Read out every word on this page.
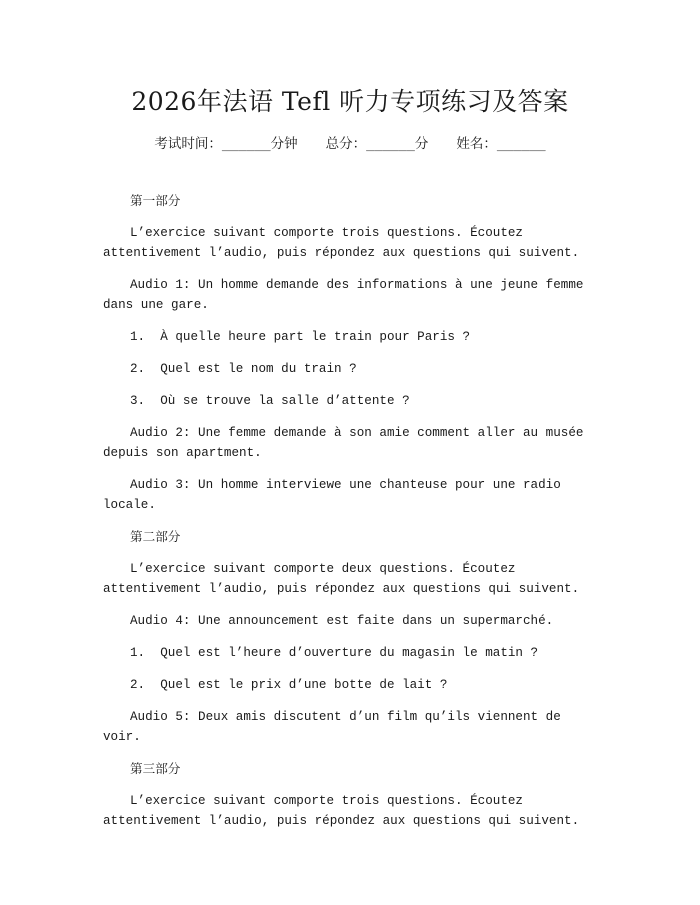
2026年法语 Tefl 听力专项练习及答案
考试时间：______分钟 总分：______分 姓名：______
第一部分
L’exercice suivant comporte trois questions. Écoutez attentivement l’audio, puis répondez aux questions qui suivent.
Audio 1: Un homme demande des informations à une jeune femme dans une gare.
1.  À quelle heure part le train pour Paris ?
2.  Quel est le nom du train ?
3.  Où se trouve la salle d’attente ?
Audio 2: Une femme demande à son amie comment aller au musée depuis son apartment.
Audio 3: Un homme interviewe une chanteuse pour une radio locale.
第二部分
L’exercice suivant comporte deux questions. Écoutez attentivement l’audio, puis répondez aux questions qui suivent.
Audio 4: Une announcement est faite dans un supermarché.
1.  Quel est l’heure d’ouverture du magasin le matin ?
2.  Quel est le prix d’une botte de lait ?
Audio 5: Deux amis discutent d’un film qu’ils viennent de voir.
第三部分
L’exercice suivant comporte trois questions. Écoutez attentivement l’audio, puis répondez aux questions qui suivent.
